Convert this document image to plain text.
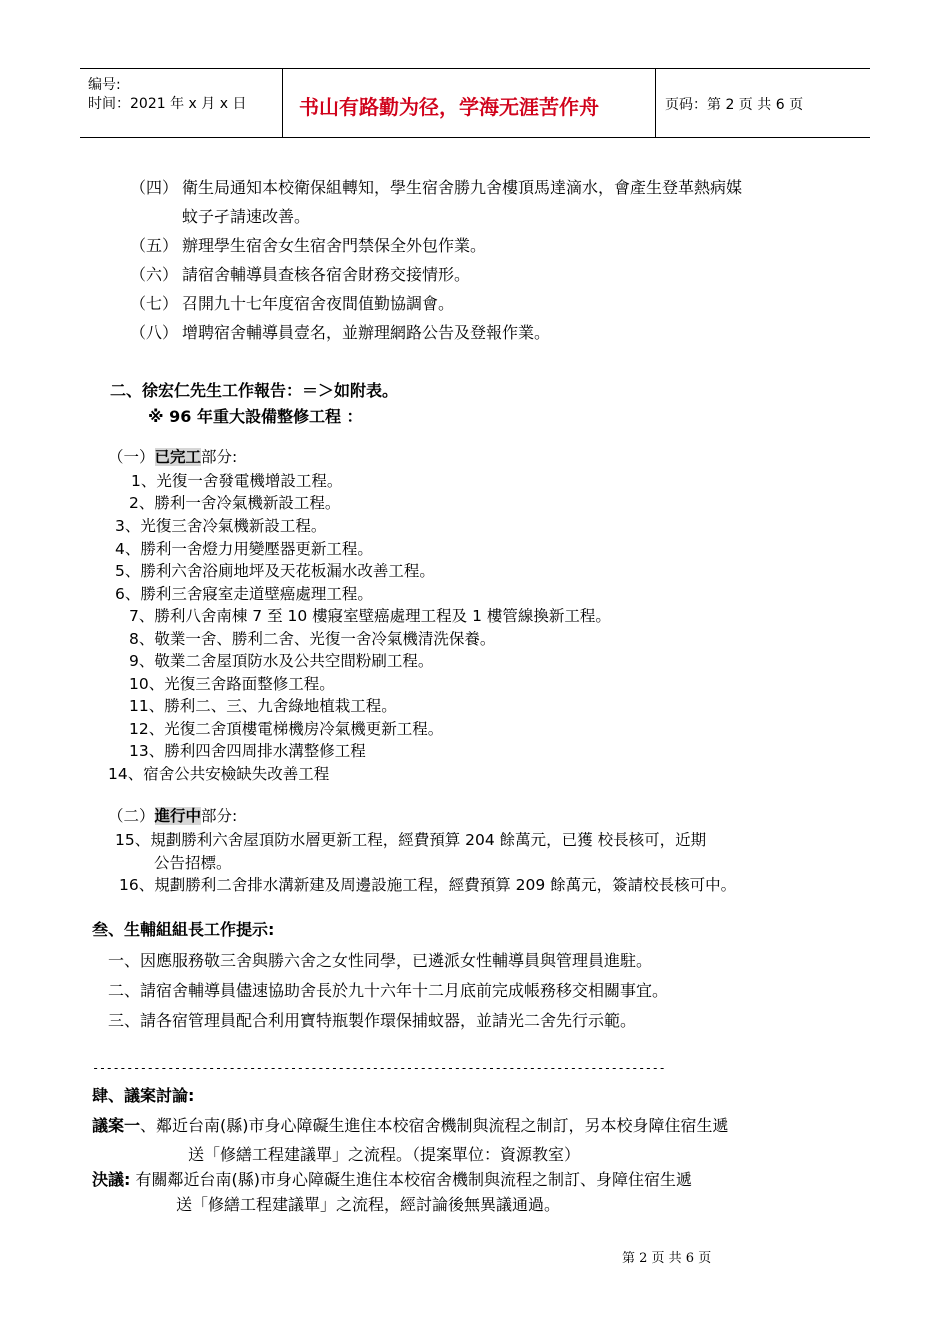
编号:
时间：2021 年 x 月 x 日	书山有路勤为径，学海无涯苦作舟	页码：第 2 页 共 6 页
（四） 衛生局通知本校衛保組轉知，學生宿舍勝九舍樓頂馬達滴水，會產生登革熱病媒
蚊子孑請速改善。
（五） 辦理學生宿舍女生宿舍門禁保全外包作業。
（六） 請宿舍輔導員查核各宿舍財務交接情形。
（七） 召開九十七年度宿舍夜間值勤協調會。
（八） 增聘宿舍輔導員壹名，並辦理網路公告及登報作業。
二、徐宏仁先生工作報告：＝＞如附表。
※ 96 年重大設備整修工程 ：
（一）已完工部分:
1、光復一舍發電機增設工程。
2、勝利一舍冷氣機新設工程。
3、光復三舍冷氣機新設工程。
4、勝利一舍燈力用變壓器更新工程。
5、勝利六舍浴廁地坪及天花板漏水改善工程。
6、勝利三舍寢室走道壁癌處理工程。
7、勝利八舍南棟 7 至 10 樓寢室壁癌處理工程及 1 樓管線換新工程。
8、敬業一舍、勝利二舍、光復一舍冷氣機清洗保養。
9、敬業二舍屋頂防水及公共空間粉刷工程。
10、光復三舍路面整修工程。
11、勝利二、三、九舍綠地植栽工程。
12、光復二舍頂樓電梯機房冷氣機更新工程。
13、勝利四舍四周排水溝整修工程
14、宿舍公共安檢缺失改善工程
（二）進行中部分:
15、規劃勝利六舍屋頂防水層更新工程，經費預算 204 餘萬元，已獲 校長核可，近期
公告招標。
16、規劃勝利二舍排水溝新建及周邊設施工程，經費預算 209 餘萬元，簽請校長核可中。
叁、生輔組組長工作提示:
一、因應服務敬三舍與勝六舍之女性同學，已遴派女性輔導員與管理員進駐。
二、請宿舍輔導員儘速協助舍長於九十六年十二月底前完成帳務移交相關事宜。
三、請各宿管理員配合利用寶特瓶製作環保捕蚊器，並請光二舍先行示範。
------------------------------------------------------------------------------------
肆、議案討論:
議案一、鄰近台南(縣)市身心障礙生進住本校宿舍機制與流程之制訂，另本校身障住宿生遞
送「修繕工程建議單」之流程。（提案單位：資源教室）
決議: 有關鄰近台南(縣)市身心障礙生進住本校宿舍機制與流程之制訂、身障住宿生遞
送「修繕工程建議單」之流程，經討論後無異議通過。
第 2 页 共 6 页
